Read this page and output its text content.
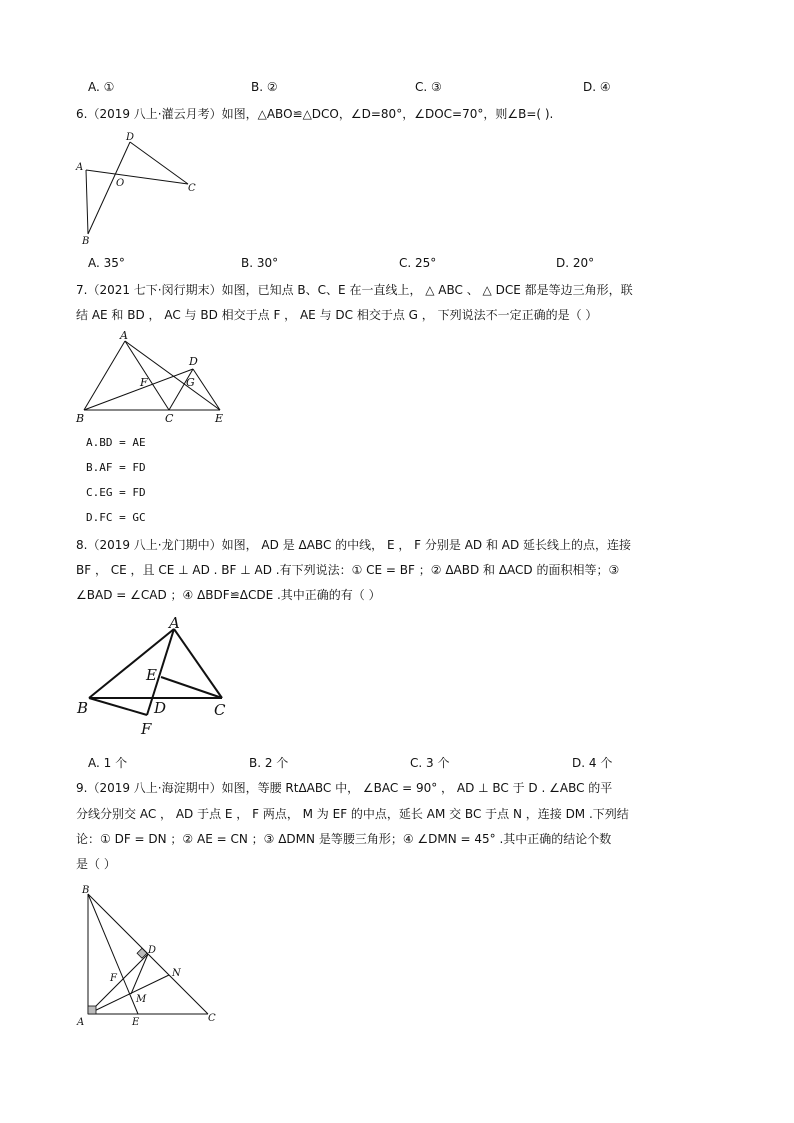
A. ①	B. ②	C. ③	D. ④
6.（2019 八上·灌云月考）如图，△ABO≌△DCO，∠D=80°，∠DOC=70°，则∠B=( ).
D
A
O	C
B
A. 35°	B. 30°	C. 25°	D. 20°
7.（2021 七下·闵行期末）如图，已知点 B、C、E 在一直线上， △ ABC 、 △ DCE 都是等边三角形，联
结 AE 和 BD ， AC 与 BD 相交于点 F ， AE 与 DC 相交于点 G ， 下列说法不一定正确的是（ ）
A
D
F	G
B	C	E
A.BD = AE
B.AF = FD
C.EG = FD
D.FC = GC
8.（2019 八上·龙门期中）如图， AD 是 ΔABC 的中线， E ， F 分别是 AD 和 AD 延长线上的点，连接
BF ， CE ，且 CE ⊥ AD . BF ⊥ AD .有下列说法：① CE = BF ；② ΔABD 和 ΔACD 的面积相等；③
∠BAD = ∠CAD ；④ ΔBDF≌ΔCDE .其中正确的有（ ）
A
E
B	D	C
F
A. 1 个	B. 2 个	C. 3 个	D. 4 个
9.（2019 八上·海淀期中）如图，等腰 RtΔABC 中， ∠BAC = 90° ， AD ⊥ BC 于 D . ∠ABC 的平
分线分别交 AC ， AD 于点 E ， F 两点， M 为 EF 的中点，延长 AM 交 BC 于点 N ，连接 DM .下列结
论：① DF = DN ；② AE = CN ；③ ΔDMN 是等腰三角形；④ ∠DMN = 45° .其中正确的结论个数
是（ ）
B
D
N
F
M
A	E	C
